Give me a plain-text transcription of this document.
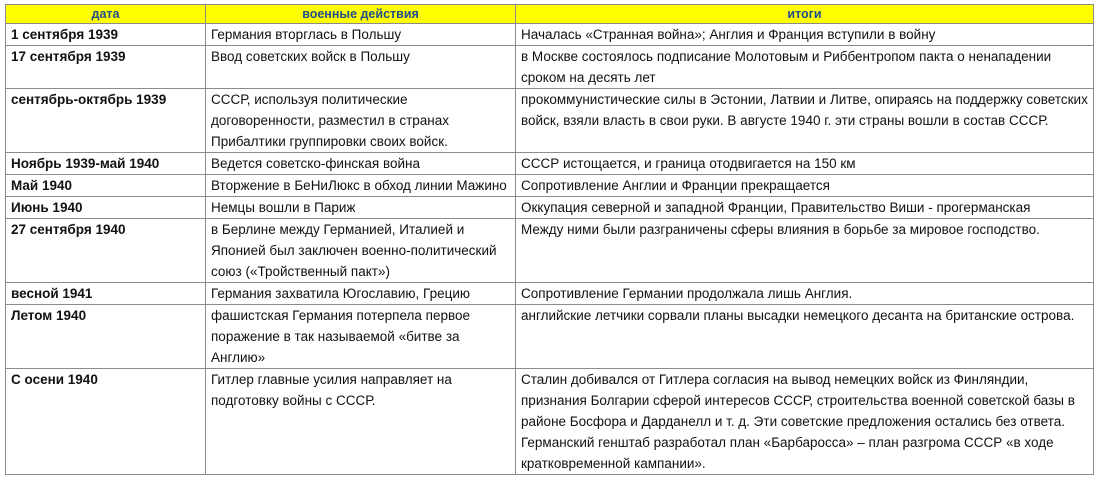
дата	военные действия	итоги
1 сентября 1939	Германия вторглась в Польшу	Началась «Странная война»; Англия и Франция вступили в войну
17 сентября 1939	Ввод советских войск в Польшу	в Москве состоялось подписание Молотовым и Риббентропом пакта о ненападении сроком на десять лет
сентябрь-октябрь 1939	СССР, используя политические договоренности, разместил в странах Прибалтики группировки своих войск.	прокоммунистические силы в Эстонии, Латвии и Литве, опираясь на поддержку советских войск, взяли власть в свои руки. В августе 1940 г. эти страны вошли в состав СССР.
Ноябрь 1939-май 1940	Ведется советско-финская война	СССР истощается, и граница отодвигается на 150 км
Май 1940	Вторжение в БеНиЛюкс в обход линии Мажино	Сопротивление Англии и Франции прекращается
Июнь 1940	Немцы вошли в Париж	Оккупация северной и западной Франции, Правительство Виши - прогерманская
27 сентября 1940	в Берлине между Германией, Италией и Японией был заключен военно-политический союз («Тройственный пакт»)	Между ними были разграничены сферы влияния в борьбе за мировое господство.
весной 1941	Германия захватила Югославию, Грецию	Сопротивление Германии продолжала лишь Англия.
Летом 1940	фашистская Германия потерпела первое поражение в так называемой «битве за Англию»	английские летчики сорвали планы высадки немецкого десанта на британские острова.
С осени 1940	Гитлер главные усилия направляет на подготовку войны с СССР.	Сталин добивался от Гитлера согласия на вывод немецких войск из Финляндии, признания Болгарии сферой интересов СССР, строительства военной советской базы в районе Босфора и Дарданелл и т. д. Эти советские предложения остались без ответа. Германский генштаб разработал план «Барбаросса» – план разгрома СССР «в ходе кратковременной кампании».
